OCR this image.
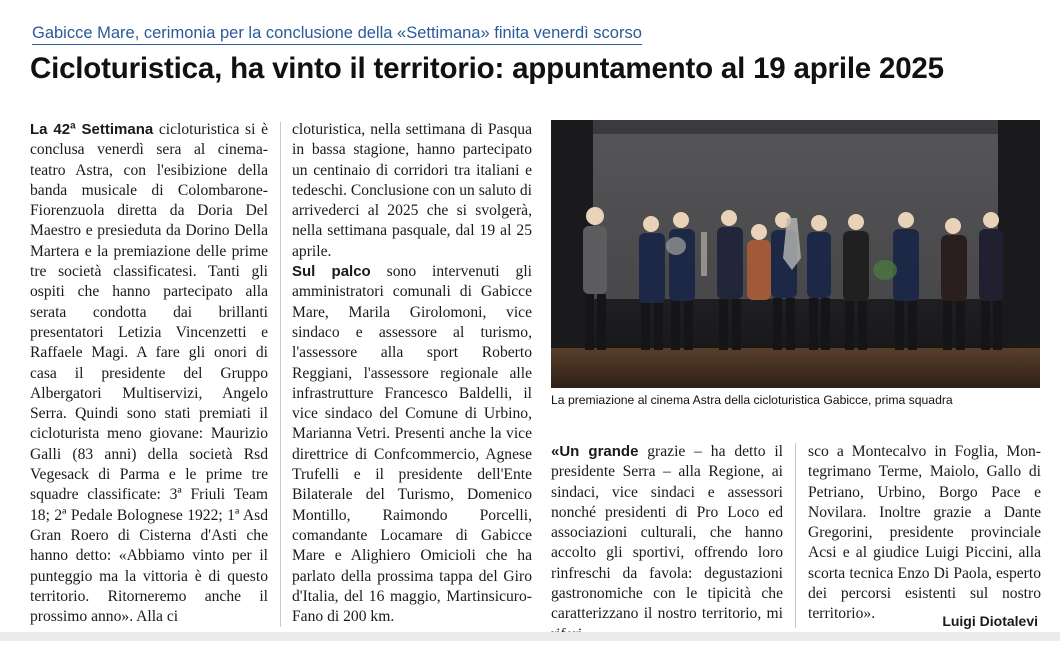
Gabicce Mare, cerimonia per la conclusione della «Settimana» finita venerdì scorso
Cicloturistica, ha vinto il territorio: appuntamento al 19 aprile 2025

La 42ª Settimana cicloturistica si è conclusa venerdì sera al cinema-teatro Astra, con l'esibizione della banda musicale di Colombarone-Fiorenzuola diretta da Doria Del Maestro e presieduta da Dorino Della Martera e la premiazione delle prime tre società classificatesi. Tanti gli ospiti che hanno partecipato alla serata condotta dai brillanti presentatori Letizia Vincenzetti e Raffaele Magi. A fare gli onori di casa il presidente del Gruppo Albergatori Multiservizi, Angelo Serra. Quindi sono stati premiati il cicloturista meno giovane: Maurizio Galli (83 anni) della società Rsd Vegesack di Parma e le prime tre squadre classificate: 3ª Friuli Team 18; 2ª Pedale Bolognese 1922; 1ª Asd Gran Roero di Cisterna d'Asti che hanno detto: «Abbiamo vinto per il punteggio ma la vittoria è di questo territorio. Ritorneremo anche il prossimo anno». Alla ci

cloturistica, nella settimana di Pasqua in bassa stagione, hanno partecipato un centinaio di corridori tra italiani e tedeschi. Conclusione con un saluto di arrivederci al 2025 che si svolgerà, nella settimana pasquale, dal 19 al 25 aprile.

Sul palco sono intervenuti gli amministratori comunali di Gabicce Mare, Marila Girolomoni, vice sindaco e assessore al turismo, l'assessore alla sport Roberto Reggiani, l'assessore regionale alle infrastrutture Francesco Baldelli, il vice sindaco del Comune di Urbino, Marianna Vetri. Presenti anche la vice direttrice di Confcommercio, Agnese Trufelli e il presidente dell'Ente Bilaterale del Turismo, Domenico Montillo, Raimondo Porcelli, comandante Locamare di Gabicce Mare e Alighiero Omicioli che ha parlato della prossima tappa del Giro d'Italia, del 16 maggio, Martinsicuro-Fano di 200 km.

La premiazione al cinema Astra della cicloturistica Gabicce, prima squadra

«Un grande grazie – ha detto il presidente Serra – alla Regione, ai sindaci, vice sindaci e assessori nonché presidenti di Pro Loco ed associazioni culturali, che hanno accolto gli sportivi, offrendo loro rinfreschi da favola: degustazioni gastronomiche con le tipicità che caratterizzano il nostro territorio, mi

sco a Montecalvo in Foglia, Montegrimano Terme, Maiolo, Gallo di Petriano, Urbino, Borgo Pace e Novilara. Inoltre grazie a Dante Gregorini, presidente provinciale Acsi e al giudice Luigi Piccini, alla scorta tecnica Enzo Di Paola, esperto dei percorsi esistenti sul nostro territorio».	Luigi Diotalevi
